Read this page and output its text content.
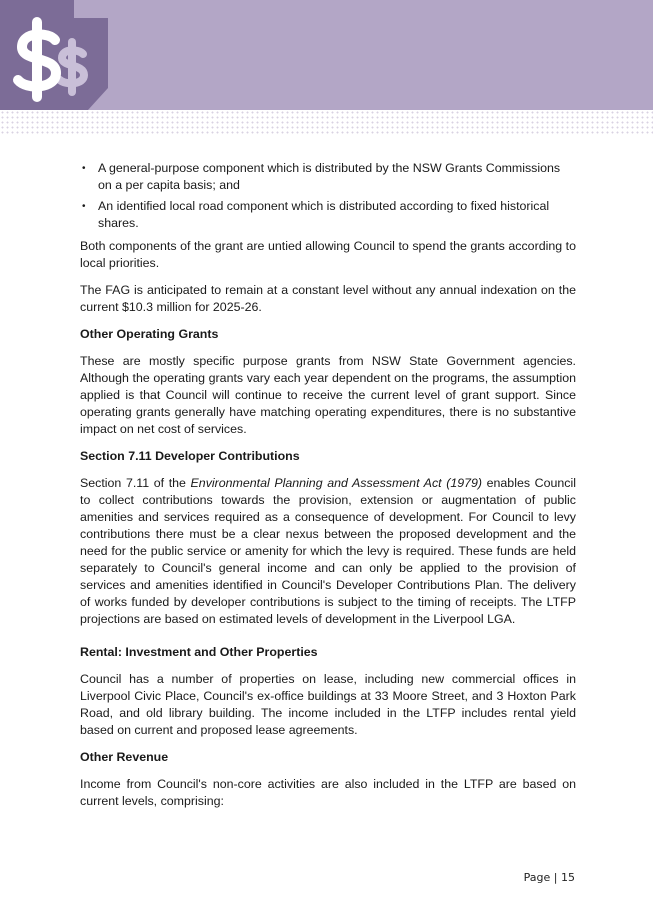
• A general-purpose component which is distributed by the NSW Grants Commissions on a per capita basis; and
• An identified local road component which is distributed according to fixed historical shares.

Both components of the grant are untied allowing Council to spend the grants according to local priorities.

The FAG is anticipated to remain at a constant level without any annual indexation on the current $10.3 million for 2025-26.

Other Operating Grants

These are mostly specific purpose grants from NSW State Government agencies. Although the operating grants vary each year dependent on the programs, the assumption applied is that Council will continue to receive the current level of grant support. Since operating grants generally have matching operating expenditures, there is no substantive impact on net cost of services.

Section 7.11 Developer Contributions

Section 7.11 of the Environmental Planning and Assessment Act (1979) enables Council to collect contributions towards the provision, extension or augmentation of public amenities and services required as a consequence of development. For Council to levy contributions there must be a clear nexus between the proposed development and the need for the public service or amenity for which the levy is required. These funds are held separately to Council's general income and can only be applied to the provision of services and amenities identified in Council's Developer Contributions Plan. The delivery of works funded by developer contributions is subject to the timing of receipts. The LTFP projections are based on estimated levels of development in the Liverpool LGA.

Rental: Investment and Other Properties

Council has a number of properties on lease, including new commercial offices in Liverpool Civic Place, Council's ex-office buildings at 33 Moore Street, and 3 Hoxton Park Road, and old library building. The income included in the LTFP includes rental yield based on current and proposed lease agreements.

Other Revenue

Income from Council's non-core activities are also included in the LTFP are based on current levels, comprising:

Page | 15
